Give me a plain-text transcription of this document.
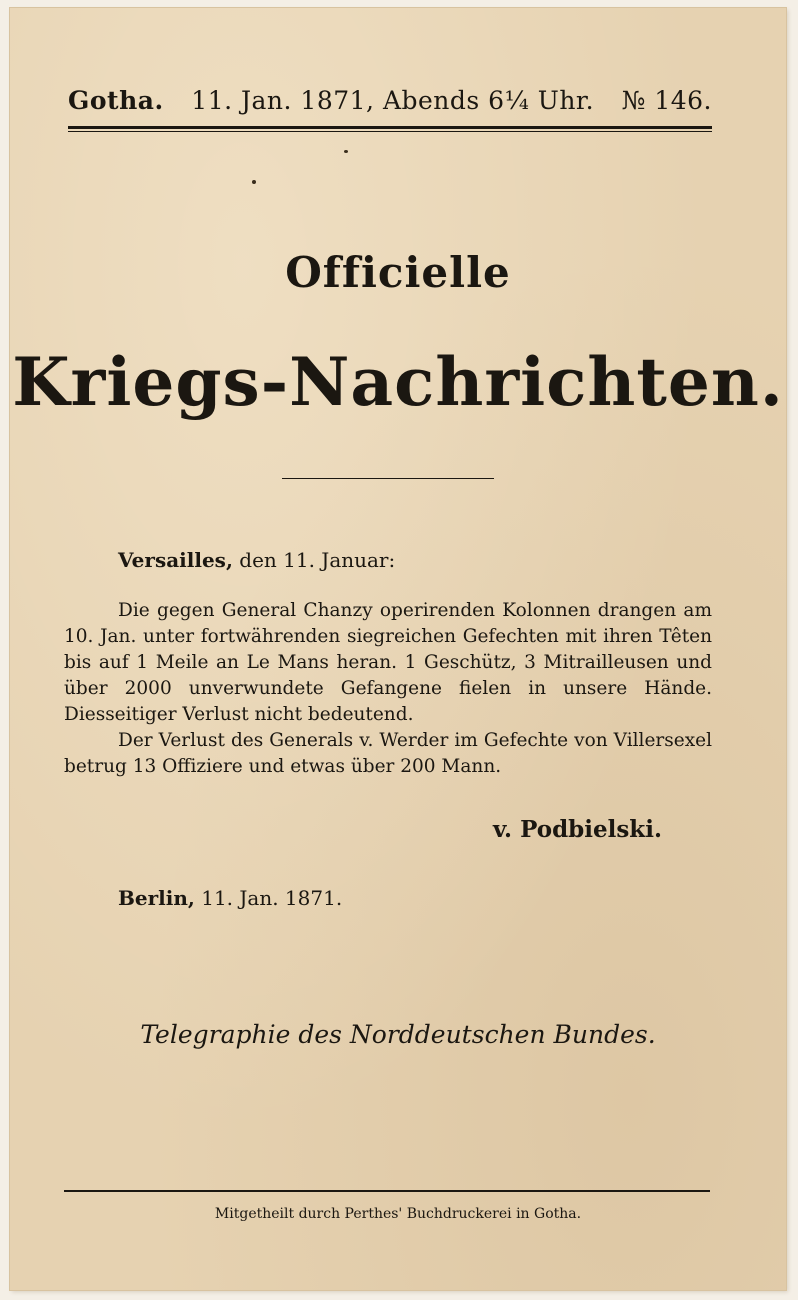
Gotha. 11. Jan. 1871, Abends 6¼ Uhr. № 146.
Officielle
Kriegs-Nachrichten.
Versailles, den 11. Januar:

Die gegen General Chanzy operirenden Kolonnen drangen am 10. Jan. unter fortwährenden siegreichen Gefechten mit ihren Têten bis auf 1 Meile an Le Mans heran. 1 Geschütz, 3 Mitrailleusen und über 2000 unverwundete Gefangene fielen in unsere Hände. Diesseitiger Verlust nicht bedeutend.

Der Verlust des Generals v. Werder im Gefechte von Villersexel betrug 13 Offiziere und etwas über 200 Mann.

v. Podbielski.
Berlin, 11. Jan. 1871.
Telegraphie des Norddeutschen Bundes.
Mitgetheilt durch Perthes' Buchdruckerei in Gotha.
